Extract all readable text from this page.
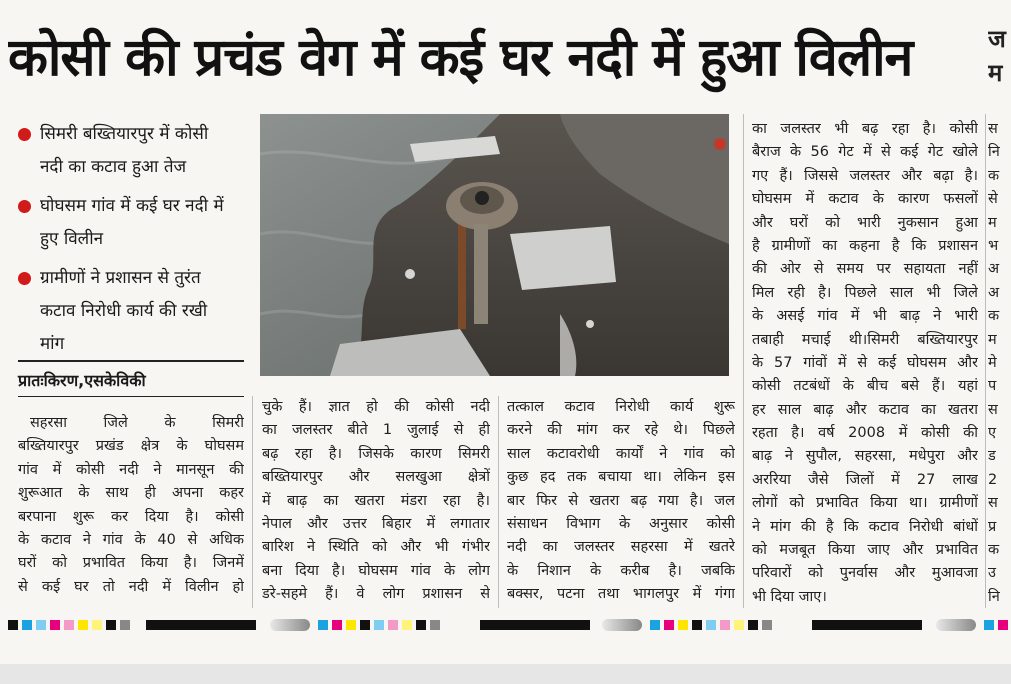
कोसी की प्रचंड वेग में कई घर नदी में हुआ विलीन	ज
म
सिमरी बख्तियारपुर में कोसी
नदी का कटाव हुआ तेज
घोघसम गांव में कई घर नदी में
हुए विलीन
ग्रामीणों ने प्रशासन से तुरंत
कटाव निरोधी कार्य की रखी
मांग
प्रातःकिरण,एसकेविकी
सहरसा जिले के सिमरी
बख्तियारपुर प्रखंड क्षेत्र के घोघसम
गांव में कोसी नदी ने मानसून की
शुरूआत के साथ ही अपना कहर
बरपाना शुरू कर दिया है। कोसी
के कटाव ने गांव के 40 से अधिक
घरों को प्रभावित किया है। जिनमें
से कई घर तो नदी में विलीन हो
चुके हैं। ज्ञात हो की कोसी नदी
का जलस्तर बीते 1 जुलाई से ही
बढ़ रहा है। जिसके कारण सिमरी
बख्तियारपुर और सलखुआ क्षेत्रों
में बाढ़ का खतरा मंडरा रहा है।
नेपाल और उत्तर बिहार में लगातार
बारिश ने स्थिति को और भी गंभीर
बना दिया है। घोघसम गांव के लोग
डरे-सहमे हैं। वे लोग प्रशासन से
तत्काल कटाव निरोधी कार्य शुरू
करने की मांग कर रहे थे। पिछले
साल कटावरोधी कार्यों ने गांव को
कुछ हद तक बचाया था। लेकिन इस
बार फिर से खतरा बढ़ गया है। जल
संसाधन विभाग के अनुसार कोसी
नदी का जलस्तर सहरसा में खतरे
के निशान के करीब है। जबकि
बक्सर, पटना तथा भागलपुर में गंगा
का जलस्तर भी बढ़ रहा है। कोसी
बैराज के 56 गेट में से कई गेट खोले
गए हैं। जिससे जलस्तर और बढ़ा है।
घोघसम में कटाव के कारण फसलों
और घरों को भारी नुकसान हुआ
है ग्रामीणों का कहना है कि प्रशासन
की ओर से समय पर सहायता नहीं
मिल रही है। पिछले साल भी जिले
के असई गांव में भी बाढ़ ने भारी
तबाही मचाई थी।सिमरी बख्तियारपुर
के 57 गांवों में से कई घोघसम और
कोसी तटबंधों के बीच बसे हैं। यहां
हर साल बाढ़ और कटाव का खतरा
रहता है। वर्ष 2008 में कोसी की
बाढ़ ने सुपौल, सहरसा, मधेपुरा और
अररिया जैसे जिलों में 27 लाख
लोगों को प्रभावित किया था। ग्रामीणों
ने मांग की है कि कटाव निरोधी बांधों
को मजबूत किया जाए और प्रभावित
परिवारों को पुनर्वास और मुआवजा
भी दिया जाए।
स
नि
क
से
म
भ
अ
अ
क
म
मे
प
स
ए
ड
2
स
प्र
क
उ
नि
